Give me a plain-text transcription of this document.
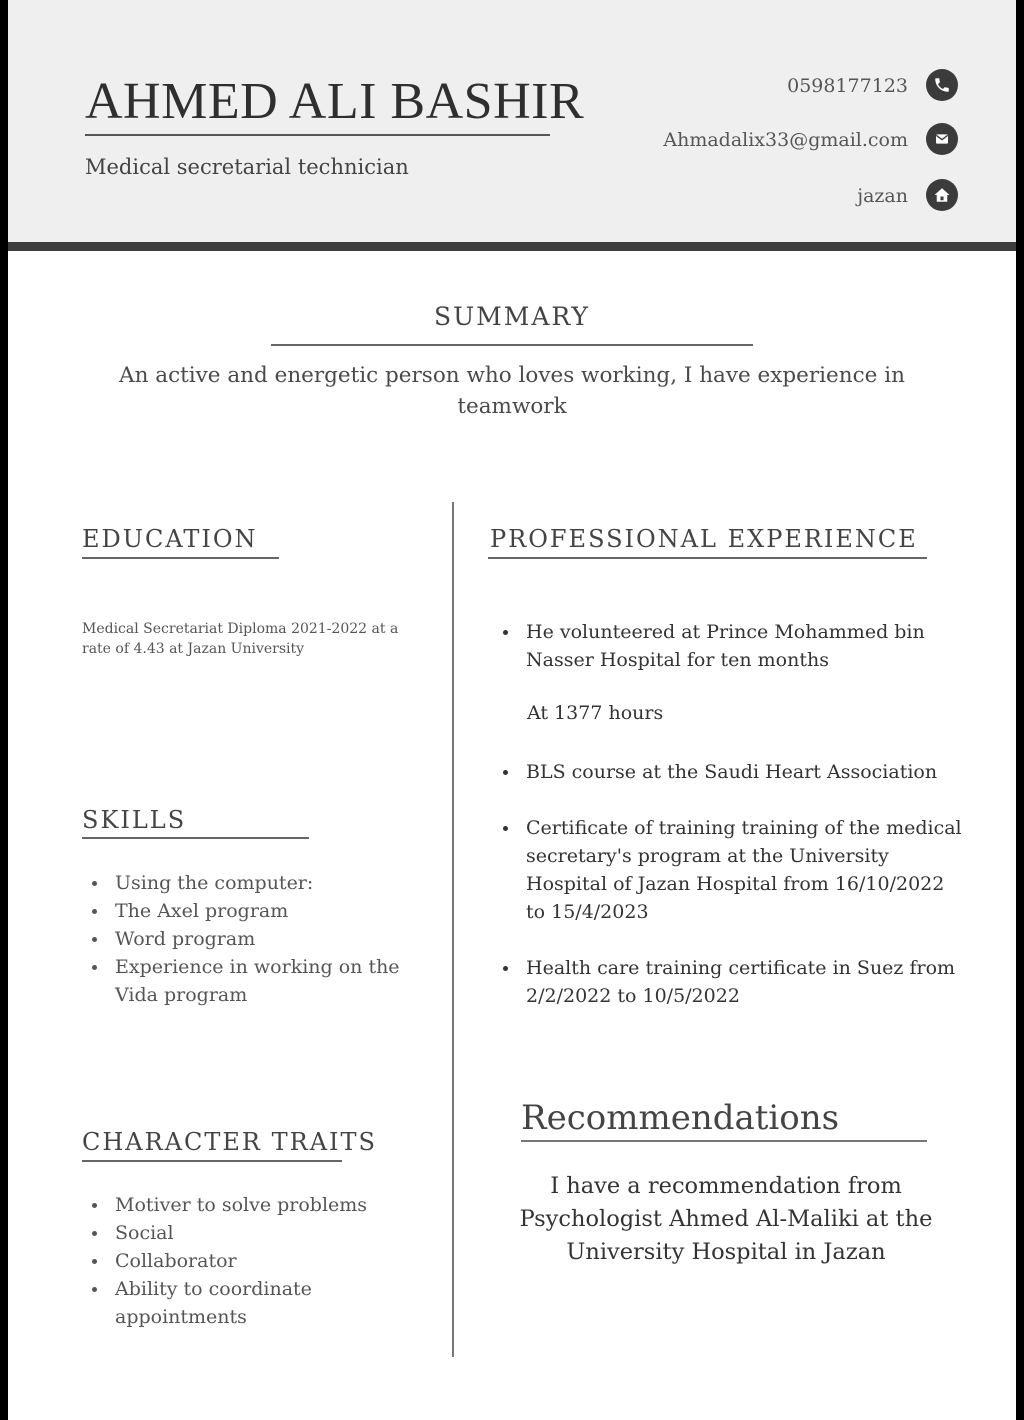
AHMED ALI BASHIR
Medical secretarial technician
0598177123
Ahmadalix33@gmail.com
jazan
SUMMARY
An active and energetic person who loves working, I have experience in teamwork
EDUCATION
Medical Secretariat Diploma 2021-2022 at a rate of 4.43 at Jazan University
SKILLS
Using the computer:
The Axel program
Word program
Experience in working on the Vida program
CHARACTER TRAITS
Motiver to solve problems
Social
Collaborator
Ability to coordinate appointments
PROFESSIONAL EXPERIENCE
He volunteered at Prince Mohammed bin Nasser Hospital for ten months
At 1377 hours
BLS course at the Saudi Heart Association
Certificate of training training of the medical secretary's program at the University Hospital of Jazan Hospital from 16/10/2022 to 15/4/2023
Health care training certificate in Suez from 2/2/2022 to 10/5/2022
Recommendations
I have a recommendation from Psychologist Ahmed Al-Maliki at the University Hospital in Jazan
